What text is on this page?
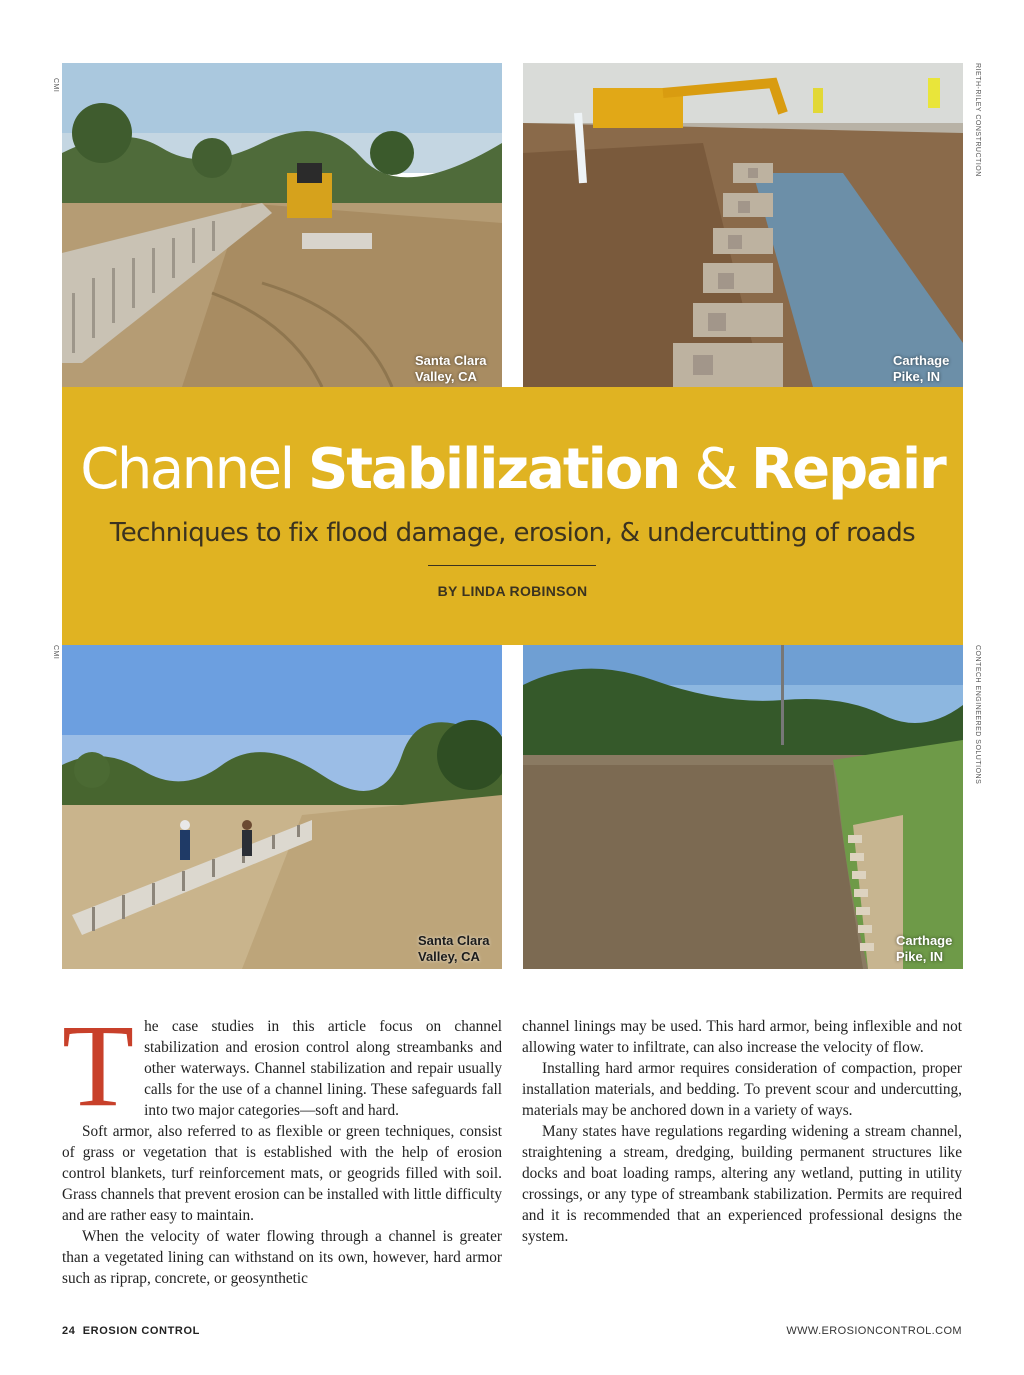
Santa Clara
Valley, CA
CMI
Carthage
Pike, IN
RIETH-RILEY CONSTRUCTION
Channel Stabilization & Repair
Techniques to fix flood damage, erosion, & undercutting of roads
BY LINDA ROBINSON
Santa Clara
Valley, CA
CMI
Carthage
Pike, IN
CONTECH ENGINEERED SOLUTIONS

The case studies in this article focus on channel stabilization and erosion control along streambanks and other waterways. Channel stabilization and repair usually calls for the use of a channel lining. These safeguards fall into two major categories—soft and hard.

Soft armor, also referred to as flexible or green techniques, consist of grass or vegetation that is established with the help of erosion control blankets, turf reinforcement mats, or geogrids filled with soil. Grass channels that prevent erosion can be installed with little difficulty and are rather easy to maintain.

When the velocity of water flowing through a channel is greater than a vegetated lining can withstand on its own, however, hard armor such as riprap, concrete, or geosynthetic

channel linings may be used. This hard armor, being inflexible and not allowing water to infiltrate, can also increase the velocity of flow.

Installing hard armor requires consideration of compaction, proper installation materials, and bedding. To prevent scour and undercutting, materials may be anchored down in a variety of ways.

Many states have regulations regarding widening a stream channel, straightening a stream, dredging, building permanent structures like docks and boat loading ramps, altering any wetland, putting in utility crossings, or any type of streambank stabilization. Permits are required and it is recommended that an experienced professional designs the system.

24 EROSION CONTROL	WWW.EROSIONCONTROL.COM
